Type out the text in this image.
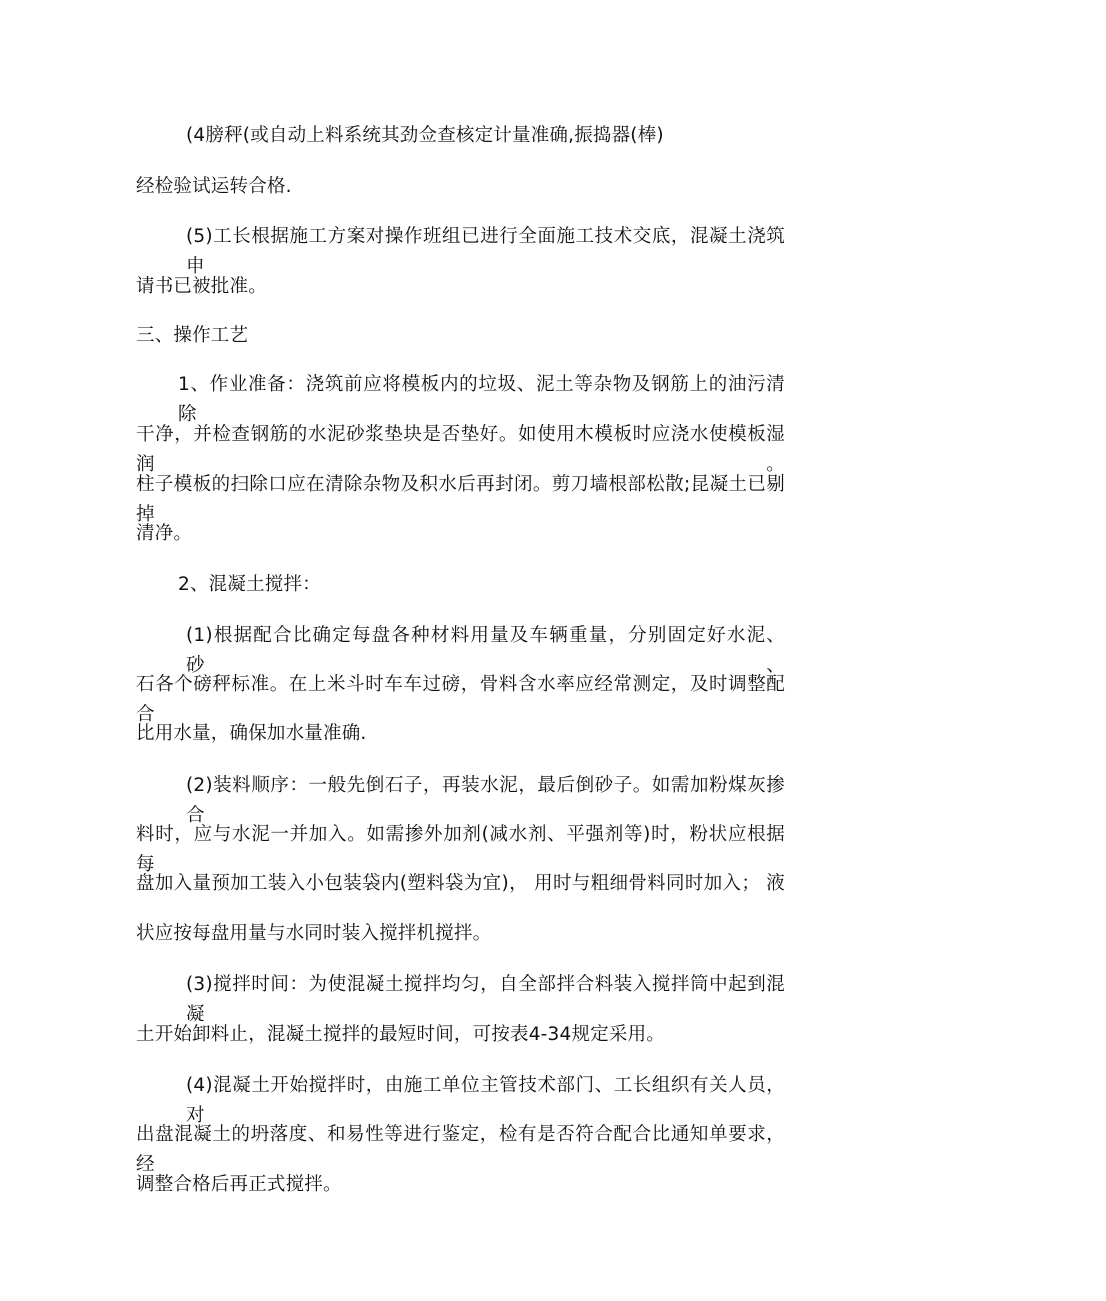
(4膀秤(或自动上料系统其劲佥查核定计量准确,振捣器(棒)
经检验试运转合格.
(5)工长根据施工方案对操作班组已进行全面施工技术交底，混凝土浇筑申
请书已被批准。
三、操作工艺
1、作业准备：浇筑前应将模板内的垃圾、泥土等杂物及钢筋上的油污清除
干净，并检查钢筋的水泥砂浆垫块是否垫好。如使用木模板时应浇水使模板湿润。
柱子模板的扫除口应在清除杂物及积水后再封闭。剪刀墙根部松散;昆凝土已剔掉
清净。
2、混凝土搅拌：
(1)根据配合比确定每盘各种材料用量及车辆重量，分别固定好水泥、砂、
石各个磅秤标准。在上米斗时车车过磅，骨料含水率应经常测定，及时调整配合
比用水量，确保加水量准确.
(2)装料顺序：一般先倒石子，再装水泥，最后倒砂子。如需加粉煤灰掺合
料时，应与水泥一并加入。如需掺外加剂(减水剂、平强剂等)时，粉状应根据每
盘加入量预加工装入小包装袋内(塑料袋为宜)， 用时与粗细骨料同时加入； 液
状应按每盘用量与水同时装入搅拌机搅拌。
(3)搅拌时间：为使混凝土搅拌均匀，自全部拌合料装入搅拌筒中起到混凝
土开始卸料止，混凝土搅拌的最短时间，可按表4-34规定采用。
(4)混凝土开始搅拌时，由施工单位主管技术部门、工长组织有关人员，对
出盘混凝土的坍落度、和易性等进行鉴定，检有是否符合配合比通知单要求，经
调整合格后再正式搅拌。
